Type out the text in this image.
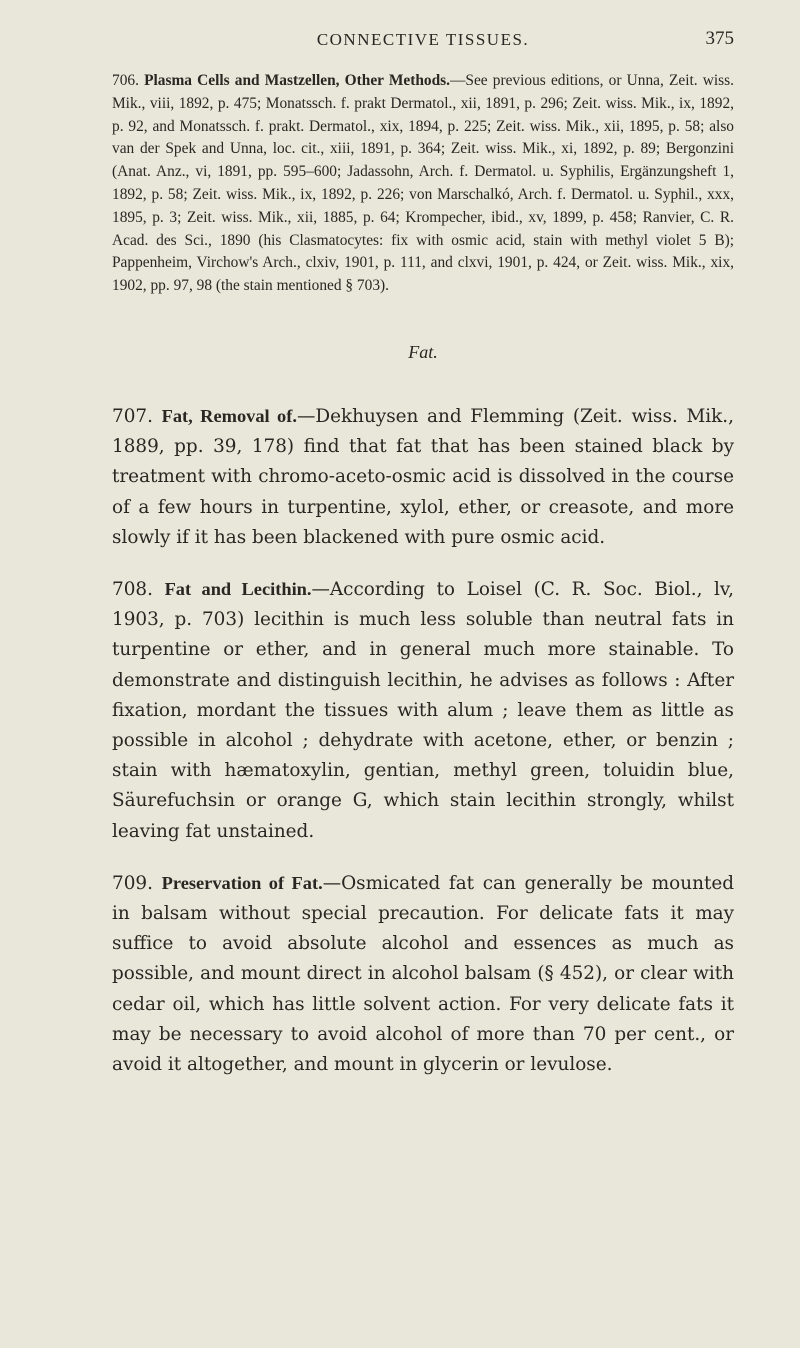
CONNECTIVE TISSUES.	375

706. Plasma Cells and Mastzellen, Other Methods.—See previous editions, or Unna, Zeit. wiss. Mik., viii, 1892, p. 475; Monatssch. f. prakt Dermatol., xii, 1891, p. 296; Zeit. wiss. Mik., ix, 1892, p. 92, and Monatssch. f. prakt. Dermatol., xix, 1894, p. 225; Zeit. wiss. Mik., xii, 1895, p. 58; also van der Spek and Unna, loc. cit., xiii, 1891, p. 364; Zeit. wiss. Mik., xi, 1892, p. 89; Bergonzini (Anat. Anz., vi, 1891, pp. 595–600; Jadassohn, Arch. f. Dermatol. u. Syphilis, Ergänzungsheft 1, 1892, p. 58; Zeit. wiss. Mik., ix, 1892, p. 226; von Marschalkó, Arch. f. Dermatol. u. Syphil., xxx, 1895, p. 3; Zeit. wiss. Mik., xii, 1885, p. 64; Krompecher, ibid., xv, 1899, p. 458; Ranvier, C. R. Acad. des Sci., 1890 (his Clasmatocytes: fix with osmic acid, stain with methyl violet 5 B); Pappenheim, Virchow's Arch., clxiv, 1901, p. 111, and clxvi, 1901, p. 424, or Zeit. wiss. Mik., xix, 1902, pp. 97, 98 (the stain mentioned § 703).

Fat.

707. Fat, Removal of.—Dekhuysen and Flemming (Zeit. wiss. Mik., 1889, pp. 39, 178) find that fat that has been stained black by treatment with chromo-aceto-osmic acid is dissolved in the course of a few hours in turpentine, xylol, ether, or creasote, and more slowly if it has been blackened with pure osmic acid.

708. Fat and Lecithin.—According to Loisel (C. R. Soc. Biol., lv, 1903, p. 703) lecithin is much less soluble than neutral fats in turpentine or ether, and in general much more stainable. To demonstrate and distinguish lecithin, he advises as follows : After fixation, mordant the tissues with alum ; leave them as little as possible in alcohol ; dehydrate with acetone, ether, or benzin ; stain with hæmatoxylin, gentian, methyl green, toluidin blue, Säurefuchsin or orange G, which stain lecithin strongly, whilst leaving fat unstained.

709. Preservation of Fat.—Osmicated fat can generally be mounted in balsam without special precaution. For delicate fats it may suffice to avoid absolute alcohol and essences as much as possible, and mount direct in alcohol balsam (§ 452), or clear with cedar oil, which has little solvent action. For very delicate fats it may be necessary to avoid alcohol of more than 70 per cent., or avoid it altogether, and mount in glycerin or levulose.
